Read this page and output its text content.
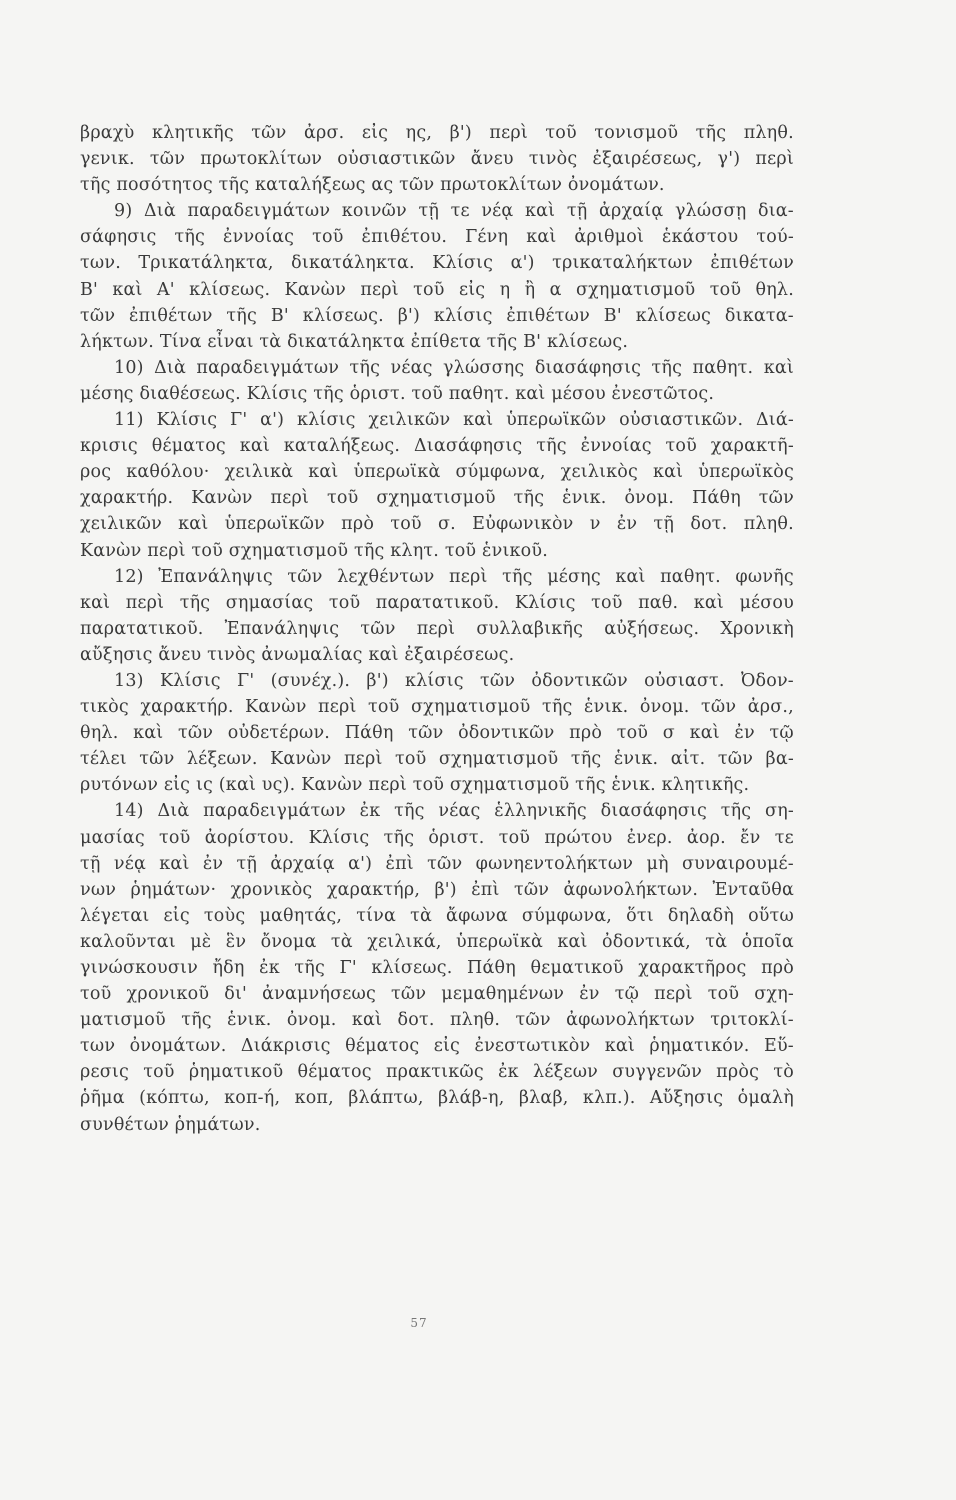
βραχὺ κλητικῆς τῶν ἀρσ. εἰς ης, β') περὶ τοῦ τονισμοῦ τῆς πληθ.
γενικ. τῶν πρωτοκλίτων οὐσιαστικῶν ἄνευ τινὸς ἐξαιρέσεως, γ') περὶ
τῆς ποσότητος τῆς καταλήξεως ας τῶν πρωτοκλίτων ὀνομάτων.
9) Διὰ παραδειγμάτων κοινῶν τῇ τε νέᾳ καὶ τῇ ἀρχαίᾳ γλώσσῃ δια-
σάφησις τῆς ἐννοίας τοῦ ἐπιθέτου. Γένη καὶ ἀριθμοὶ ἑκάστου τού-
των. Τρικατάληκτα, δικατάληκτα. Κλίσις α') τρικαταλήκτων ἐπιθέτων
Β' καὶ Α' κλίσεως. Κανὼν περὶ τοῦ εἰς η ἢ α σχηματισμοῦ τοῦ θηλ.
τῶν ἐπιθέτων τῆς Β' κλίσεως. β') κλίσις ἐπιθέτων Β' κλίσεως δικατα-
λήκτων. Τίνα εἶναι τὰ δικατάληκτα ἐπίθετα τῆς Β' κλίσεως.
10) Διὰ παραδειγμάτων τῆς νέας γλώσσης διασάφησις τῆς παθητ. καὶ
μέσης διαθέσεως. Κλίσις τῆς ὁριστ. τοῦ παθητ. καὶ μέσου ἐνεστῶτος.
11) Κλίσις Γ' α') κλίσις χειλικῶν καὶ ὑπερωϊκῶν οὐσιαστικῶν. Διά-
κρισις θέματος καὶ καταλήξεως. Διασάφησις τῆς ἐννοίας τοῦ χαρακτῆ-
ρος καθόλου· χειλικὰ καὶ ὑπερωϊκὰ σύμφωνα, χειλικὸς καὶ ὑπερωϊκὸς
χαρακτήρ. Κανὼν περὶ τοῦ σχηματισμοῦ τῆς ἑνικ. ὀνομ. Πάθη τῶν
χειλικῶν καὶ ὑπερωϊκῶν πρὸ τοῦ σ. Εὐφωνικὸν ν ἐν τῇ δοτ. πληθ.
Κανὼν περὶ τοῦ σχηματισμοῦ τῆς κλητ. τοῦ ἑνικοῦ.
12) Ἐπανάληψις τῶν λεχθέντων περὶ τῆς μέσης καὶ παθητ. φωνῆς
καὶ περὶ τῆς σημασίας τοῦ παρατατικοῦ. Κλίσις τοῦ παθ. καὶ μέσου
παρατατικοῦ. Ἐπανάληψις τῶν περὶ συλλαβικῆς αὐξήσεως. Χρονικὴ
αὔξησις ἄνευ τινὸς ἀνωμαλίας καὶ ἐξαιρέσεως.
13) Κλίσις Γ' (συνέχ.). β') κλίσις τῶν ὀδοντικῶν οὐσιαστ. Ὀδον-
τικὸς χαρακτήρ. Κανὼν περὶ τοῦ σχηματισμοῦ τῆς ἑνικ. ὀνομ. τῶν ἀρσ.,
θηλ. καὶ τῶν οὐδετέρων. Πάθη τῶν ὀδοντικῶν πρὸ τοῦ σ καὶ ἐν τῷ
τέλει τῶν λέξεων. Κανὼν περὶ τοῦ σχηματισμοῦ τῆς ἑνικ. αἰτ. τῶν βα-
ρυτόνων εἰς ις (καὶ υς). Κανὼν περὶ τοῦ σχηματισμοῦ τῆς ἑνικ. κλητικῆς.
14) Διὰ παραδειγμάτων ἐκ τῆς νέας ἑλληνικῆς διασάφησις τῆς ση-
μασίας τοῦ ἀορίστου. Κλίσις τῆς ὁριστ. τοῦ πρώτου ἐνερ. ἀορ. ἔν τε
τῇ νέᾳ καὶ ἐν τῇ ἀρχαίᾳ α') ἐπὶ τῶν φωνηεντολήκτων μὴ συναιρουμέ-
νων ῥημάτων· χρονικὸς χαρακτήρ, β') ἐπὶ τῶν ἀφωνολήκτων. Ἐνταῦθα
λέγεται εἰς τοὺς μαθητάς, τίνα τὰ ἄφωνα σύμφωνα, ὅτι δηλαδὴ οὕτω
καλοῦνται μὲ ἓν ὄνομα τὰ χειλικά, ὑπερωϊκὰ καὶ ὀδοντικά, τὰ ὁποῖα
γινώσκουσιν ἤδη ἐκ τῆς Γ' κλίσεως. Πάθη θεματικοῦ χαρακτῆρος πρὸ
τοῦ χρονικοῦ δι' ἀναμνήσεως τῶν μεμαθημένων ἐν τῷ περὶ τοῦ σχη-
ματισμοῦ τῆς ἑνικ. ὀνομ. καὶ δοτ. πληθ. τῶν ἀφωνολήκτων τριτοκλί-
των ὀνομάτων. Διάκρισις θέματος εἰς ἐνεστωτικὸν καὶ ῥηματικόν. Εὕ-
ρεσις τοῦ ῥηματικοῦ θέματος πρακτικῶς ἐκ λέξεων συγγενῶν πρὸς τὸ
ῥῆμα (κόπτω, κοπ-ή, κοπ, βλάπτω, βλάβ-η, βλαβ, κλπ.). Αὔξησις ὁμαλὴ
συνθέτων ῥημάτων.
57
